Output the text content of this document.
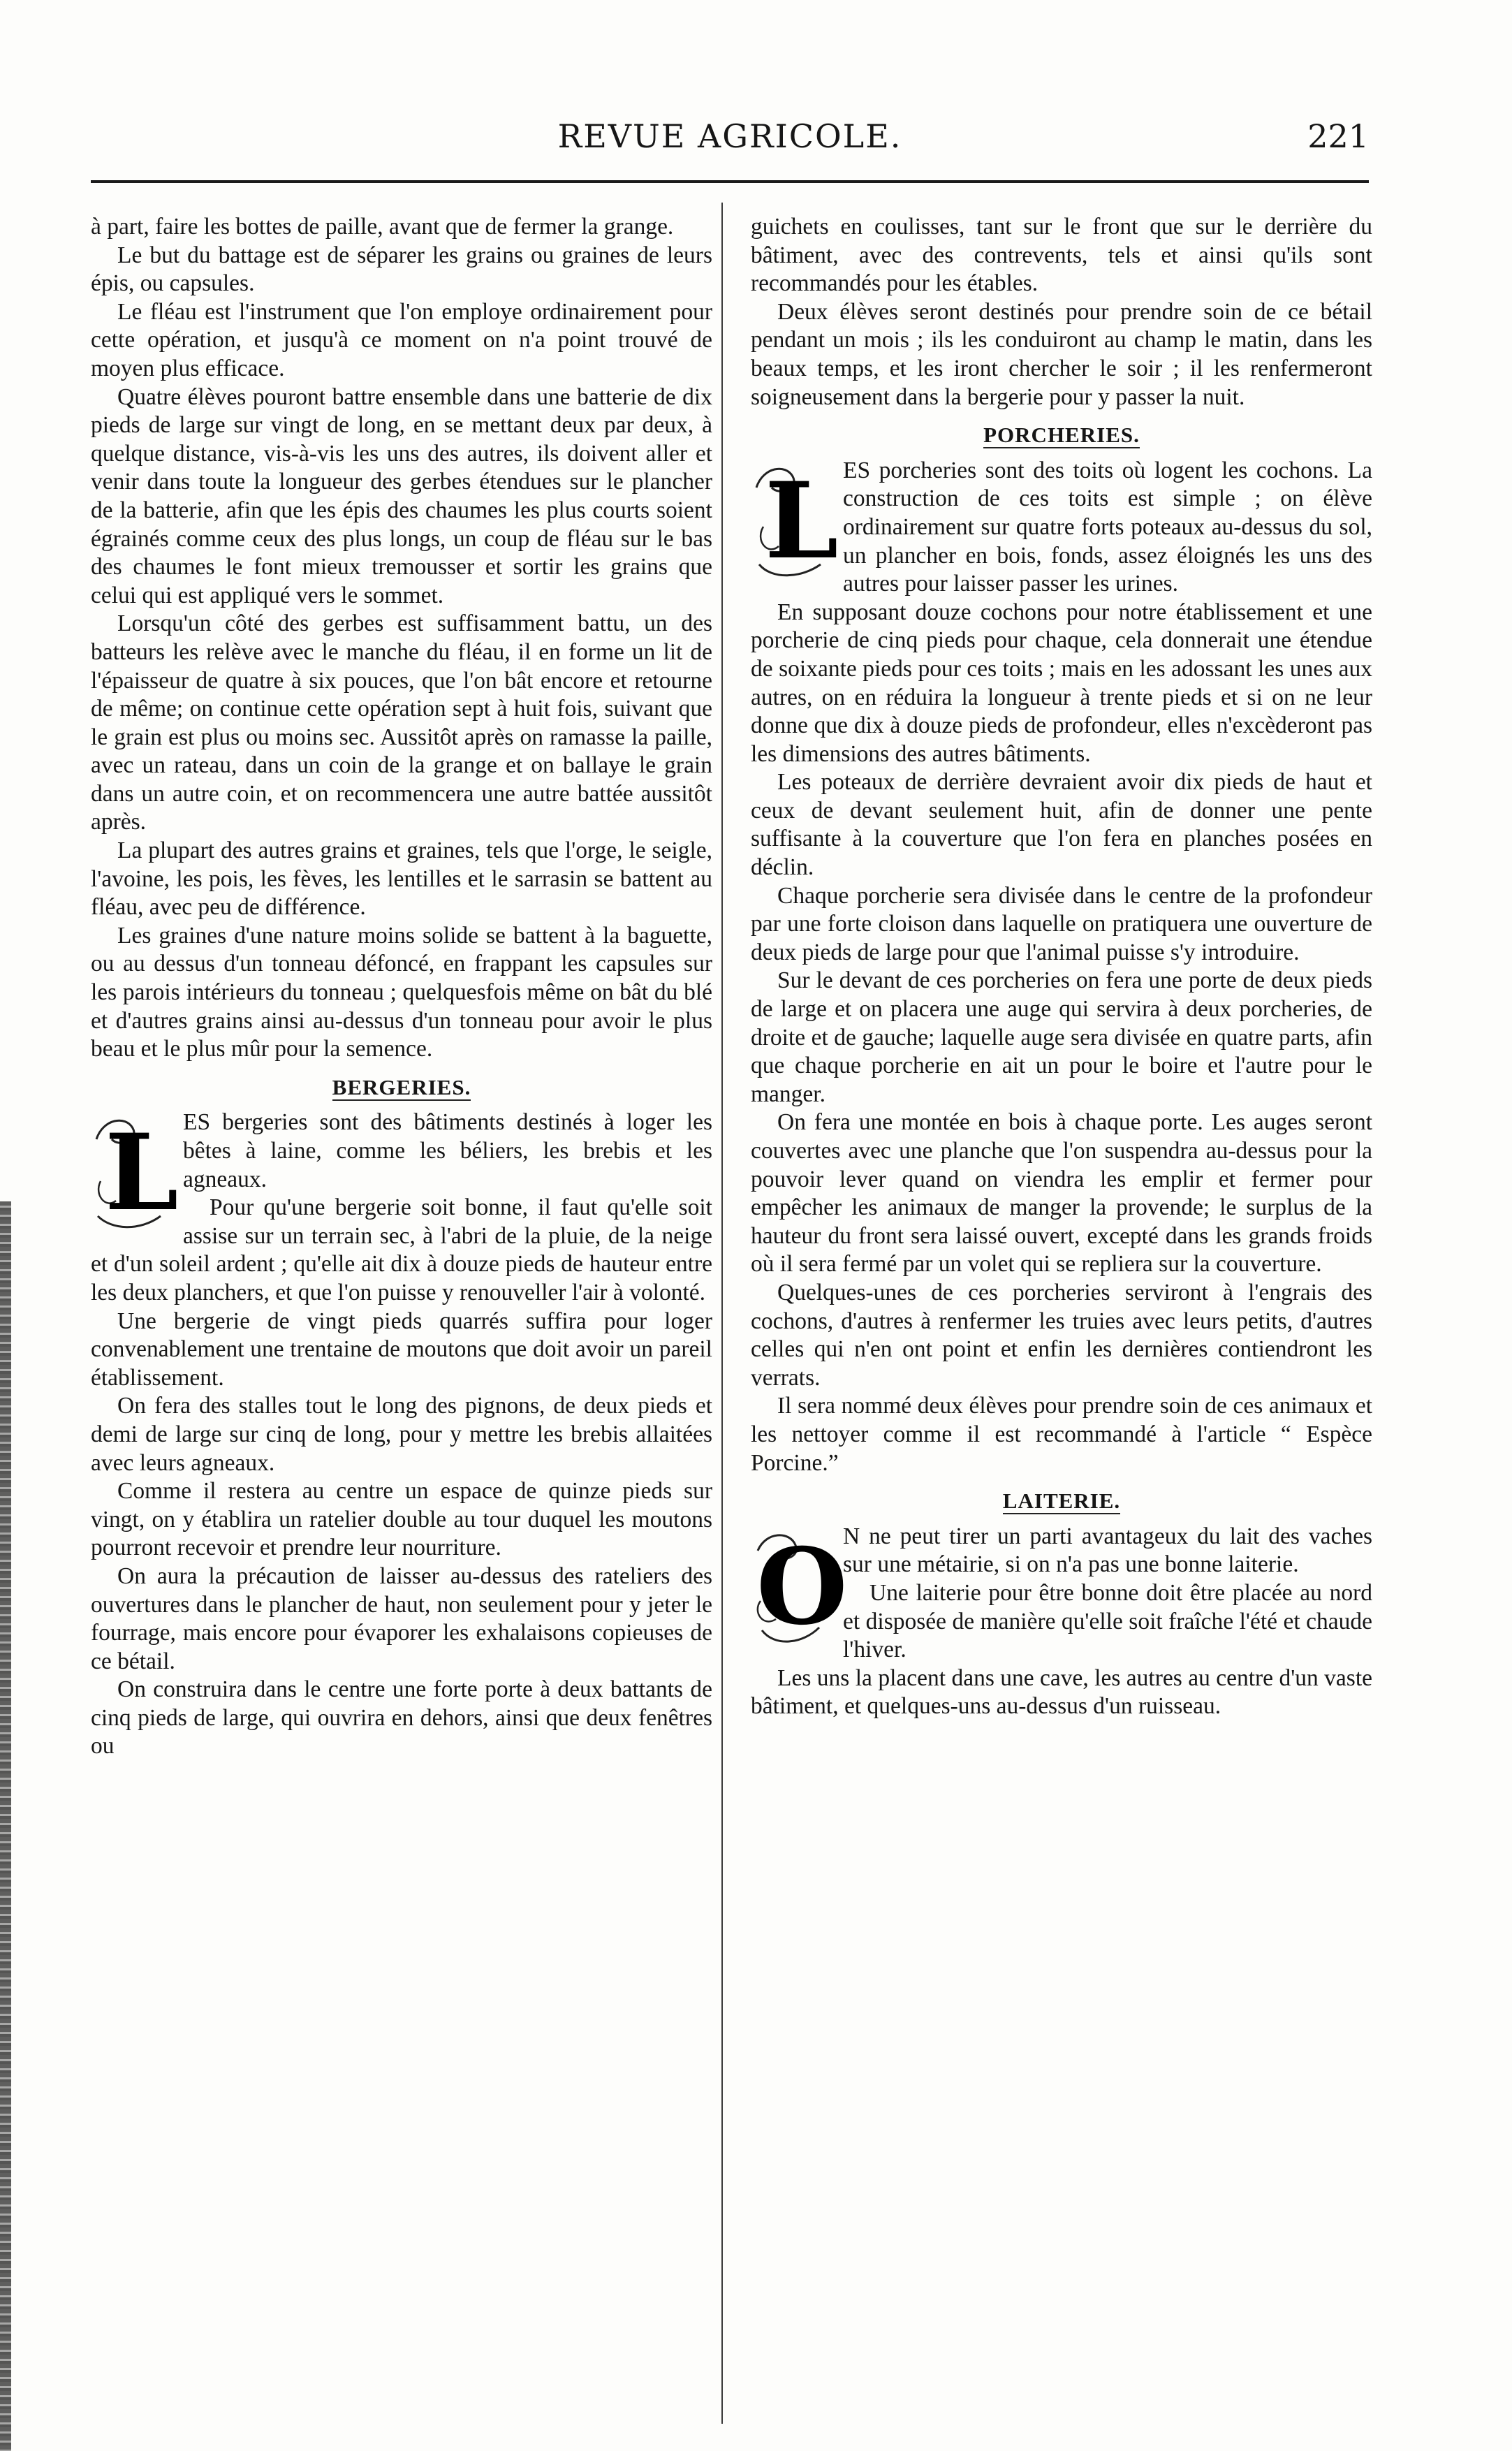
REVUE AGRICOLE.	221

à part, faire les bottes de paille, avant que de fermer la grange.

Le but du battage est de séparer les grains ou graines de leurs épis, ou capsules.

Le fléau est l'instrument que l'on employe ordinairement pour cette opération, et jusqu'à ce moment on n'a point trouvé de moyen plus efficace.

Quatre élèves pouront battre ensemble dans une batterie de dix pieds de large sur vingt de long, en se mettant deux par deux, à quelque distance, vis-à-vis les uns des autres, ils doivent aller et venir dans toute la longueur des gerbes étendues sur le plancher de la batterie, afin que les épis des chaumes les plus courts soient égrainés comme ceux des plus longs, un coup de fléau sur le bas des chaumes le font mieux tremousser et sortir les grains que celui qui est appliqué vers le sommet.

Lorsqu'un côté des gerbes est suffisamment battu, un des batteurs les relève avec le manche du fléau, il en forme un lit de l'épaisseur de quatre à six pouces, que l'on bât encore et retourne de même; on continue cette opération sept à huit fois, suivant que le grain est plus ou moins sec. Aussitôt après on ramasse la paille, avec un rateau, dans un coin de la grange et on ballaye le grain dans un autre coin, et on recommencera une autre battée aussitôt après.

La plupart des autres grains et graines, tels que l'orge, le seigle, l'avoine, les pois, les fèves, les lentilles et le sarrasin se battent au fléau, avec peu de différence.

Les graines d'une nature moins solide se battent à la baguette, ou au dessus d'un tonneau défoncé, en frappant les capsules sur les parois intérieurs du tonneau ; quelquesfois même on bât du blé et d'autres grains ainsi au-dessus d'un tonneau pour avoir le plus beau et le plus mûr pour la semence.

BERGERIES.
L ES bergeries sont des bâtiments destinés à loger les bêtes à laine, comme les béliers, les brebis et les agneaux.

Pour qu'une bergerie soit bonne, il faut qu'elle soit assise sur un terrain sec, à l'abri de la pluie, de la neige et d'un soleil ardent ; qu'elle ait dix à douze pieds de hauteur entre les deux planchers, et que l'on puisse y renouveller l'air à volonté.

Une bergerie de vingt pieds quarrés suffira pour loger convenablement une trentaine de moutons que doit avoir un pareil établissement.

On fera des stalles tout le long des pignons, de deux pieds et demi de large sur cinq de long, pour y mettre les brebis allaitées avec leurs agneaux.

Comme il restera au centre un espace de quinze pieds sur vingt, on y établira un ratelier double au tour duquel les moutons pourront recevoir et prendre leur nourriture.

On aura la précaution de laisser au-dessus des rateliers des ouvertures dans le plancher de haut, non seulement pour y jeter le fourrage, mais encore pour évaporer les exhalaisons copieuses de ce bétail.

On construira dans le centre une forte porte à deux battants de cinq pieds de large, qui ouvrira en dehors, ainsi que deux fenêtres ou

guichets en coulisses, tant sur le front que sur le derrière du bâtiment, avec des contrevents, tels et ainsi qu'ils sont recommandés pour les étables.

Deux élèves seront destinés pour prendre soin de ce bétail pendant un mois ; ils les conduiront au champ le matin, dans les beaux temps, et les iront chercher le soir ; il les renfermeront soigneusement dans la bergerie pour y passer la nuit.

PORCHERIES.
L ES porcheries sont des toits où logent les cochons. La construction de ces toits est simple ; on élève ordinairement sur quatre forts poteaux au-dessus du sol, un plancher en bois, fonds, assez éloignés les uns des autres pour laisser passer les urines.

En supposant douze cochons pour notre établissement et une porcherie de cinq pieds pour chaque, cela donnerait une étendue de soixante pieds pour ces toits ; mais en les adossant les unes aux autres, on en réduira la longueur à trente pieds et si on ne leur donne que dix à douze pieds de profondeur, elles n'excèderont pas les dimensions des autres bâtiments.

Les poteaux de derrière devraient avoir dix pieds de haut et ceux de devant seulement huit, afin de donner une pente suffisante à la couverture que l'on fera en planches posées en déclin.

Chaque porcherie sera divisée dans le centre de la profondeur par une forte cloison dans laquelle on pratiquera une ouverture de deux pieds de large pour que l'animal puisse s'y introduire.

Sur le devant de ces porcheries on fera une porte de deux pieds de large et on placera une auge qui servira à deux porcheries, de droite et de gauche; laquelle auge sera divisée en quatre parts, afin que chaque porcherie en ait un pour le boire et l'autre pour le manger.

On fera une montée en bois à chaque porte. Les auges seront couvertes avec une planche que l'on suspendra au-dessus pour la pouvoir lever quand on viendra les emplir et fermer pour empêcher les animaux de manger la provende; le surplus de la hauteur du front sera laissé ouvert, excepté dans les grands froids où il sera fermé par un volet qui se repliera sur la couverture.

Quelques-unes de ces porcheries serviront à l'engrais des cochons, d'autres à renfermer les truies avec leurs petits, d'autres celles qui n'en ont point et enfin les dernières contiendront les verrats.

Il sera nommé deux élèves pour prendre soin de ces animaux et les nettoyer comme il est recommandé à l'article “ Espèce Porcine.”

LAITERIE.
O

N ne peut tirer un parti avantageux du lait des vaches sur une métairie, si on n'a pas une bonne laiterie.

Une laiterie pour être bonne doit être placée au nord et disposée de manière qu'elle soit fraîche l'été et chaude l'hiver.

Les uns la placent dans une cave, les autres au centre d'un vaste bâtiment, et quelques-uns au-dessus d'un ruisseau.
